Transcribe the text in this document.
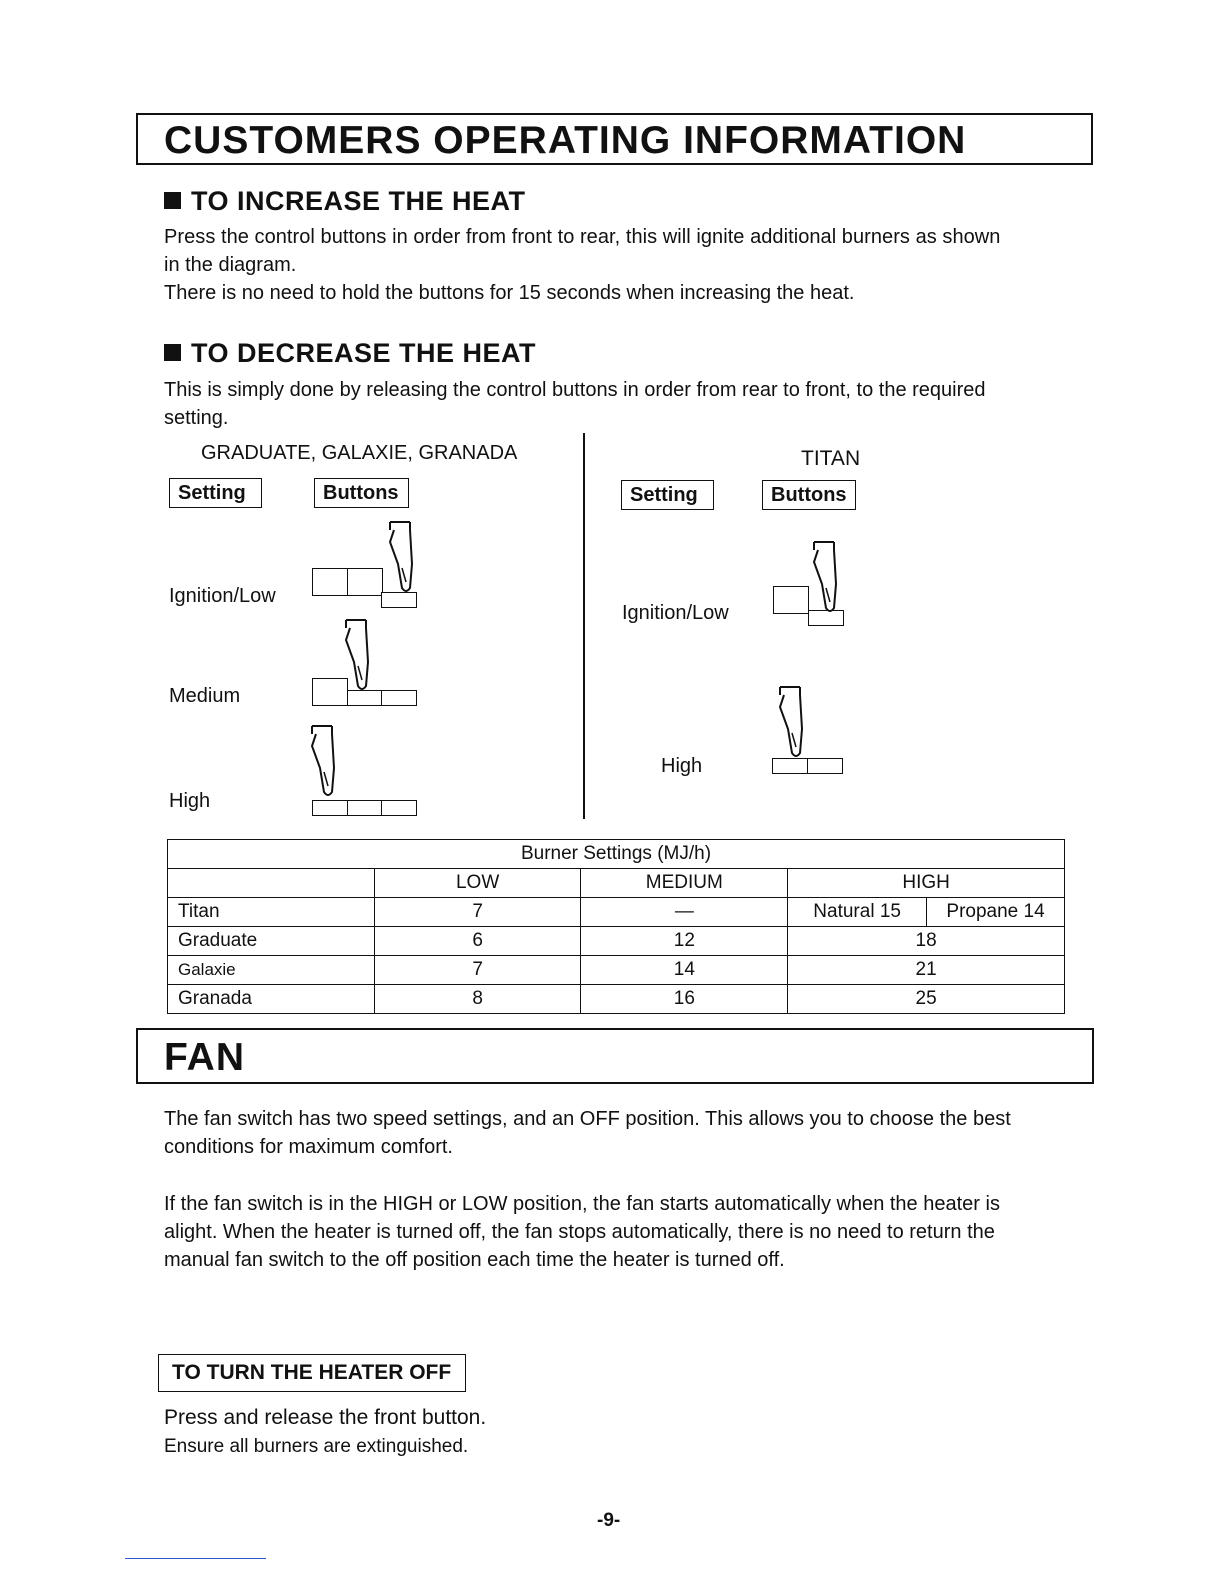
CUSTOMERS OPERATING INFORMATION
TO INCREASE THE HEAT

Press the control buttons in order from front to rear, this will ignite additional burners as shown

in the diagram.

There is no need to hold the buttons for 15 seconds when increasing the heat.

TO DECREASE THE HEAT

This is simply done by releasing the control buttons in order from rear to front, to the required

setting.

GRADUATE, GALAXIE, GRANADA
Setting	Buttons
Ignition/Low
Medium
High
TITAN
Setting	Buttons
Ignition/Low
High
Burner Settings (MJ/h)				
	LOW	MEDIUM	HIGH	
Titan	7	—	Natural 15	Propane 14
Graduate	6	12	18	
Galaxie	7	14	21	
Granada	8	16	25	
FAN

The fan switch has two speed settings, and an OFF position. This allows you to choose the best

conditions for maximum comfort.

If the fan switch is in the HIGH or LOW position, the fan starts automatically when the heater is

alight. When the heater is turned off, the fan stops automatically, there is no need to return the

manual fan switch to the off position each time the heater is turned off.

TO TURN THE HEATER OFF
Press and release the front button.
Ensure all burners are extinguished.
-9-
